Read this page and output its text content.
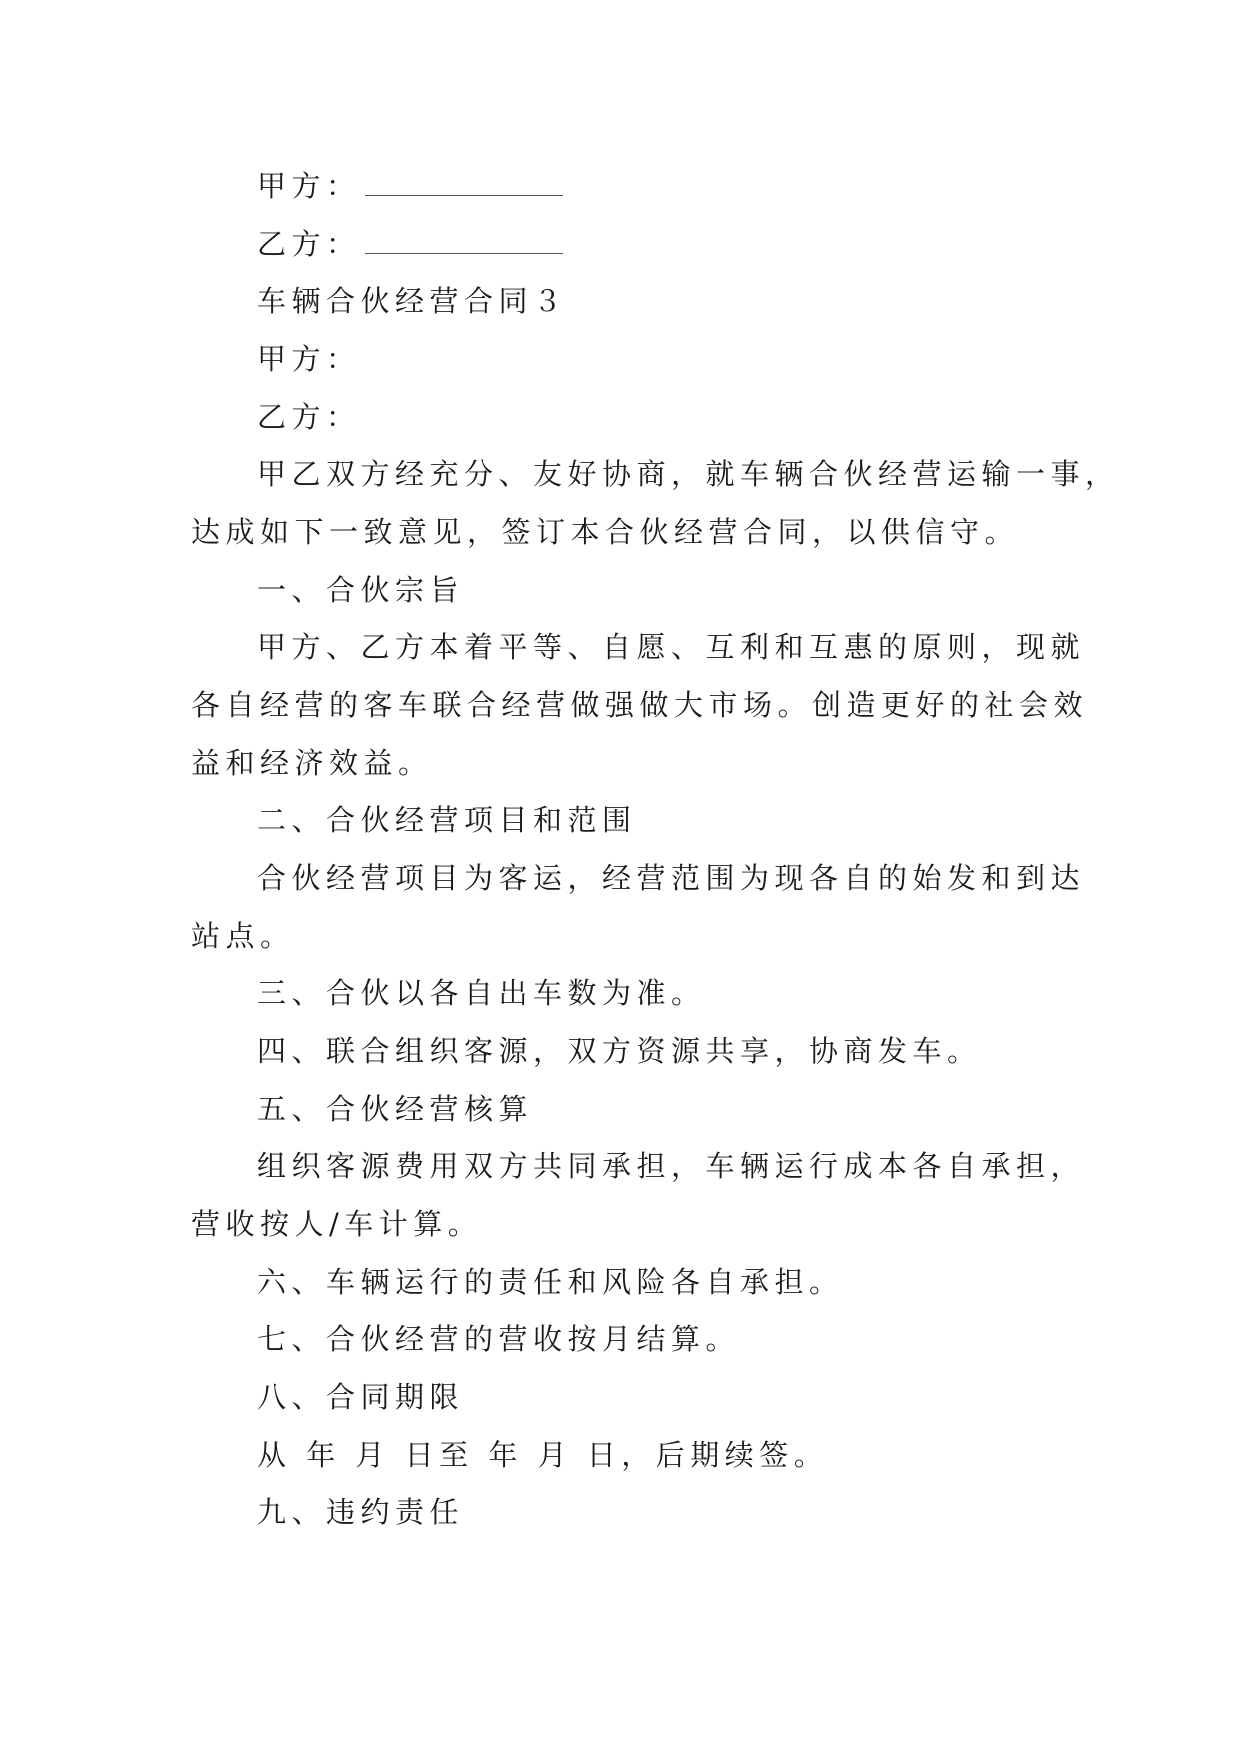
甲方：
乙方：
车辆合伙经营合同３
甲方：
乙方：
甲乙双方经充分、友好协商，就车辆合伙经营运输一事，
达成如下一致意见，签订本合伙经营合同，以供信守。
一、合伙宗旨
甲方、乙方本着平等、自愿、互利和互惠的原则，现就
各自经营的客车联合经营做强做大市场。创造更好的社会效
益和经济效益。
二、合伙经营项目和范围
合伙经营项目为客运，经营范围为现各自的始发和到达
站点。
三、合伙以各自出车数为准。
四、联合组织客源，双方资源共享，协商发车。
五、合伙经营核算
组织客源费用双方共同承担，车辆运行成本各自承担，
营收按人/车计算。
六、车辆运行的责任和风险各自承担。
七、合伙经营的营收按月结算。
八、合同期限
从 年 月 日至 年 月 日，后期续签。
九、违约责任
